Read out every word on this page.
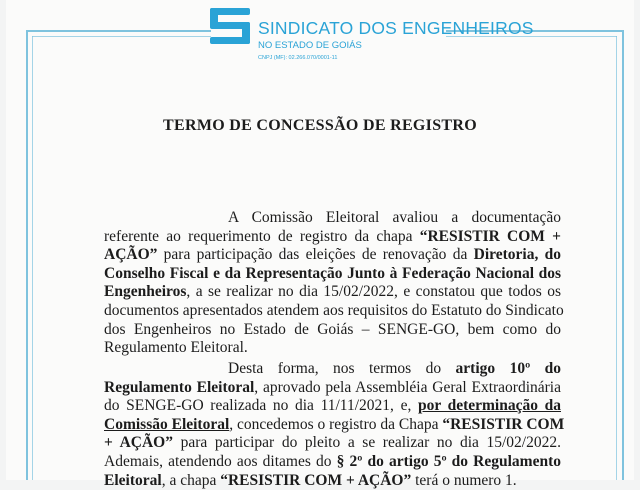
SINDICATO DOS ENGENHEIROS
NO ESTADO DE GOIÁS
CNPJ (MF): 02.266.070/0001-11
TERMO DE CONCESSÃO DE REGISTRO
A Comissão Eleitoral avaliou a documentação
referente ao requerimento de registro da chapa “RESISTIR COM +
AÇÃO” para participação das eleições de renovação da Diretoria, do
Conselho Fiscal e da Representação Junto à Federação Nacional dos
Engenheiros, a se realizar no dia 15/02/2022, e constatou que todos os
documentos apresentados atendem aos requisitos do Estatuto do Sindicato
dos Engenheiros no Estado de Goiás – SENGE-GO, bem como do
Regulamento Eleitoral.
Desta forma, nos termos do artigo 10º do
Regulamento Eleitoral, aprovado pela Assembléia Geral Extraordinária
do SENGE-GO realizada no dia 11/11/2021, e, por determinação da
Comissão Eleitoral, concedemos o registro da Chapa “RESISTIR COM
+ AÇÃO” para participar do pleito a se realizar no dia 15/02/2022.
Ademais, atendendo aos ditames do § 2º do artigo 5º do Regulamento
Eleitoral, a chapa “RESISTIR COM + AÇÃO” terá o numero 1.
